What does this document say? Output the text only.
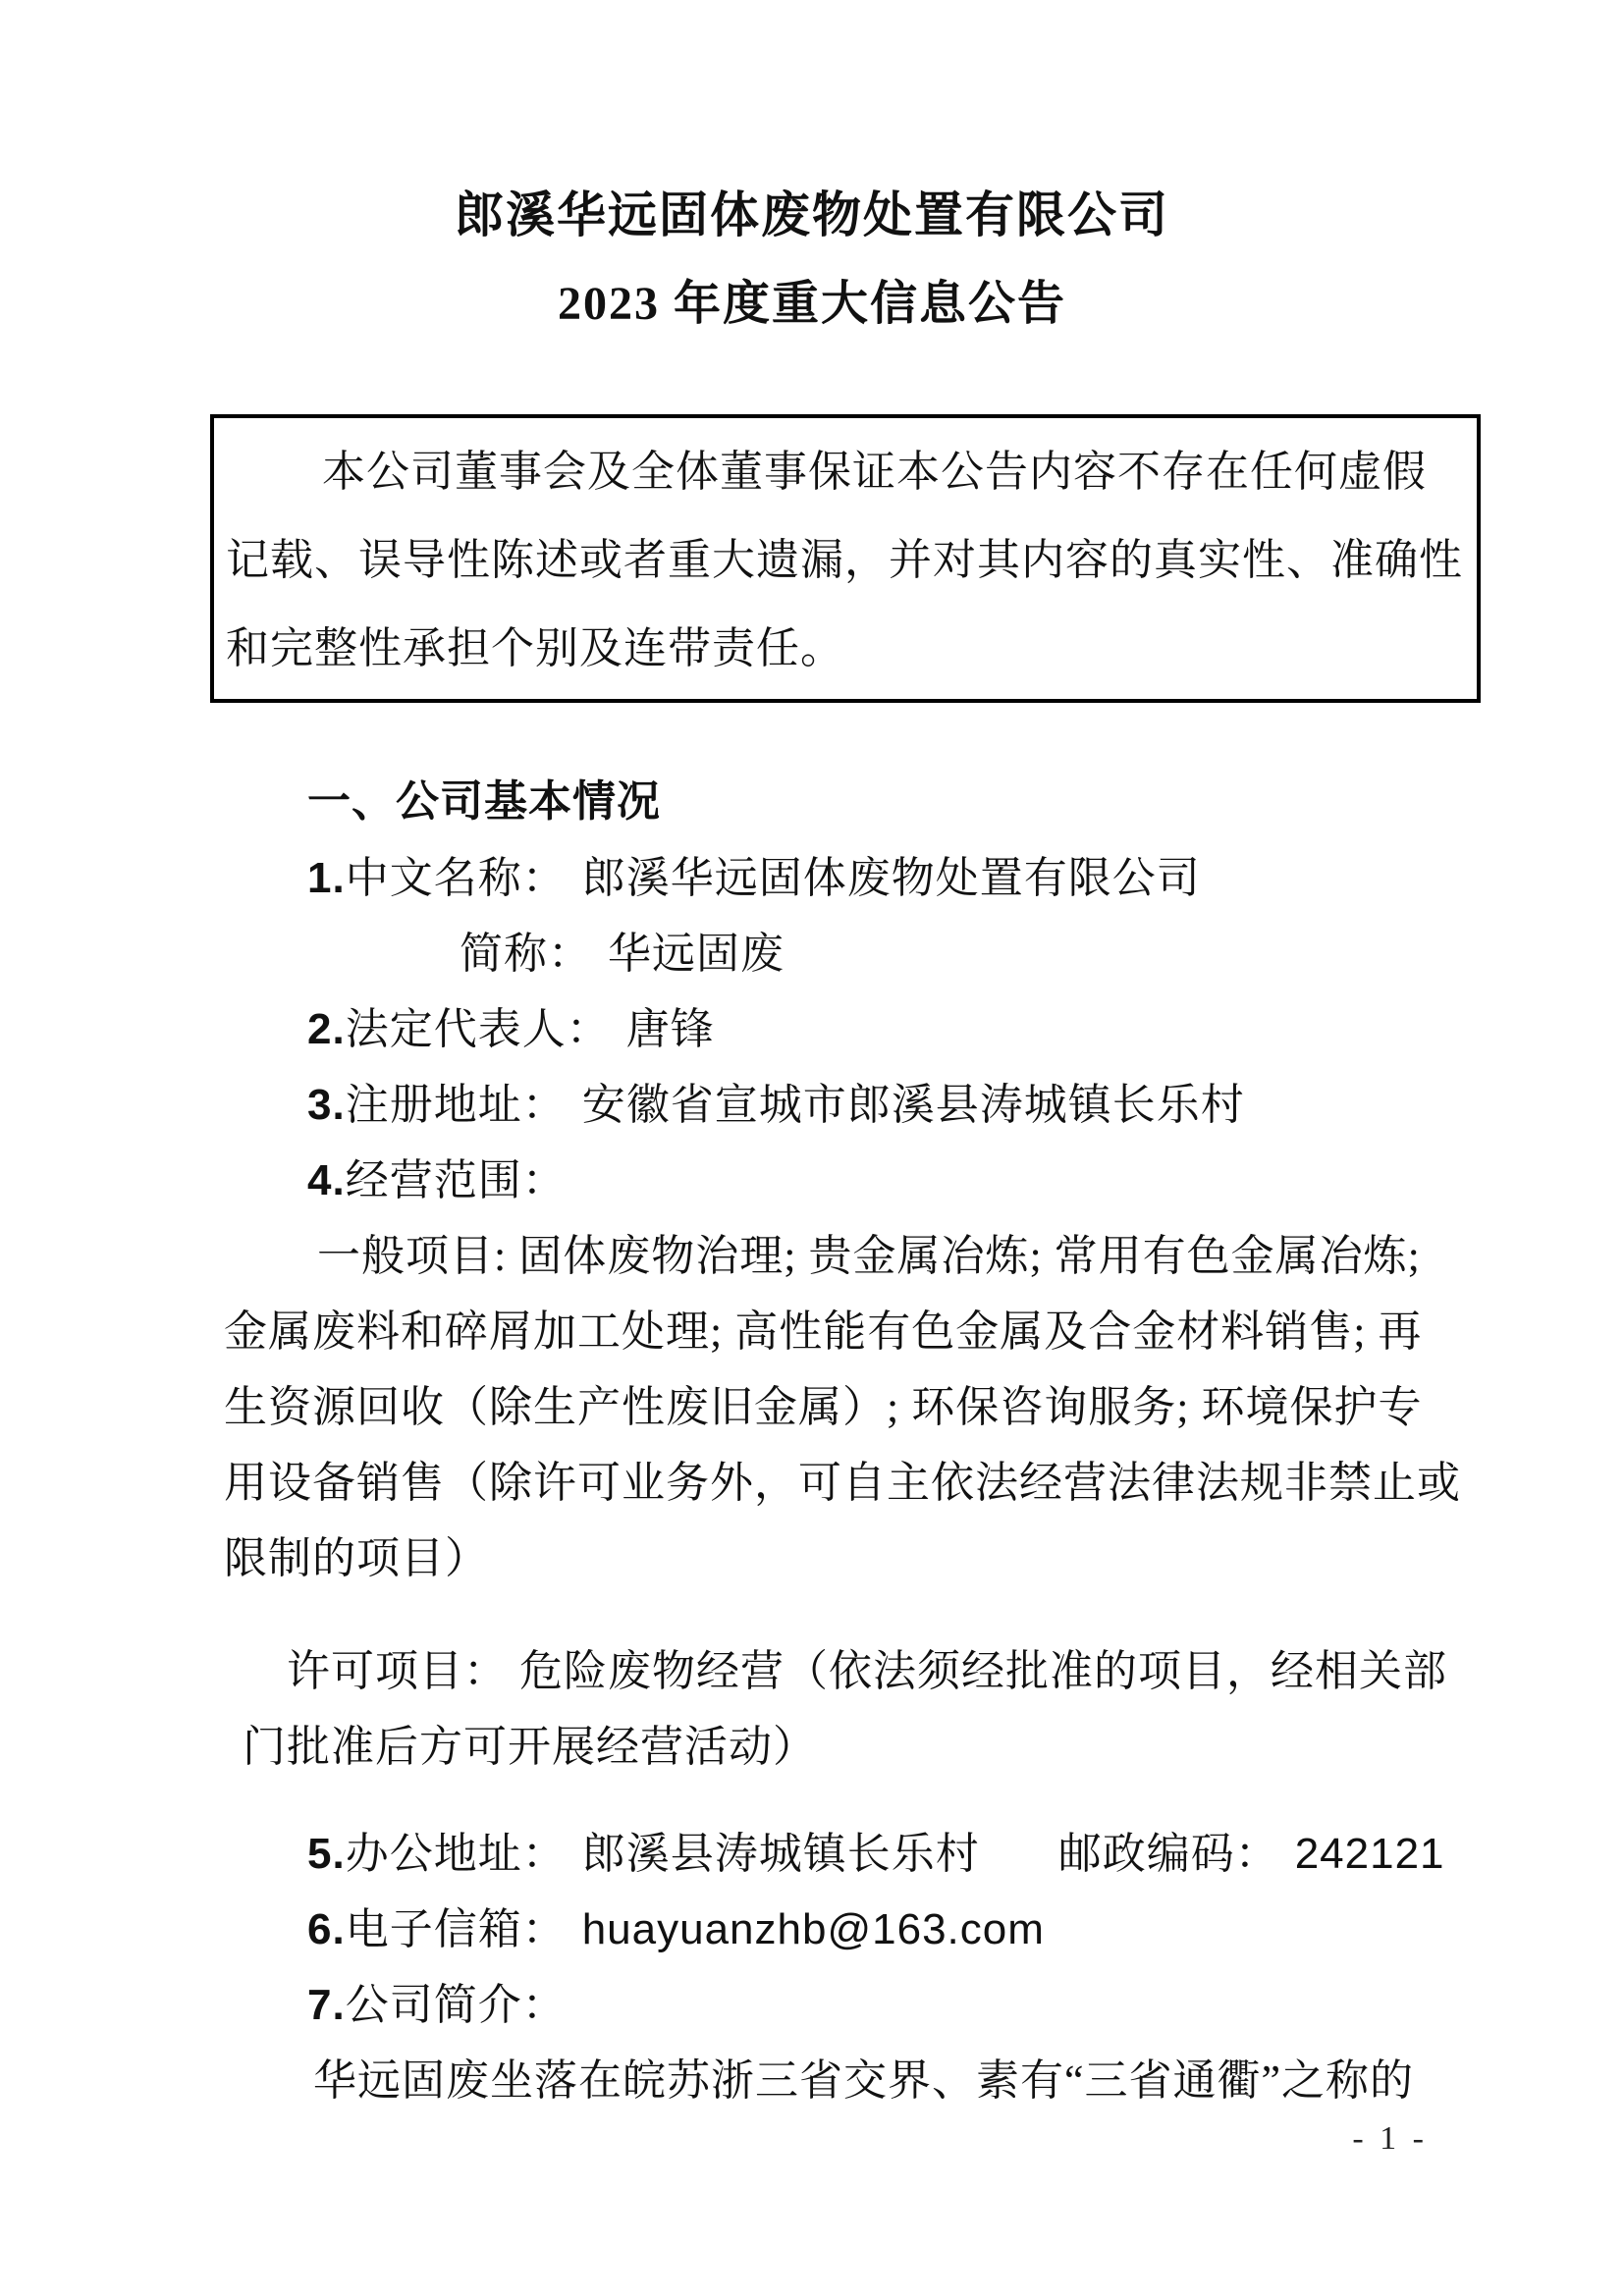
郎溪华远固体废物处置有限公司
2023 年度重大信息公告

本公司董事会及全体董事保证本公告内容不存在任何虚假

记载、误导性陈述或者重大遗漏，并对其内容的真实性、准确性

和完整性承担个别及连带责任。

一、公司基本情况

1.中文名称： 郎溪华远固体废物处置有限公司

简称： 华远固废

2.法定代表人： 唐锋

3.注册地址： 安徽省宣城市郎溪县涛城镇长乐村

4.经营范围：

一般项目: 固体废物治理; 贵金属冶炼; 常用有色金属冶炼;

金属废料和碎屑加工处理; 高性能有色金属及合金材料销售; 再

生资源回收（除生产性废旧金属）; 环保咨询服务; 环境保护专

用设备销售（除许可业务外，可自主依法经营法律法规非禁止或

限制的项目）

许可项目： 危险废物经营（依法须经批准的项目，经相关部

门批准后方可开展经营活动）

5.办公地址： 郎溪县涛城镇长乐村 邮政编码： 242121

6.电子信箱： huayuanzhb@163.com

7.公司简介：

华远固废坐落在皖苏浙三省交界、素有“三省通衢”之称的

- 1 -
